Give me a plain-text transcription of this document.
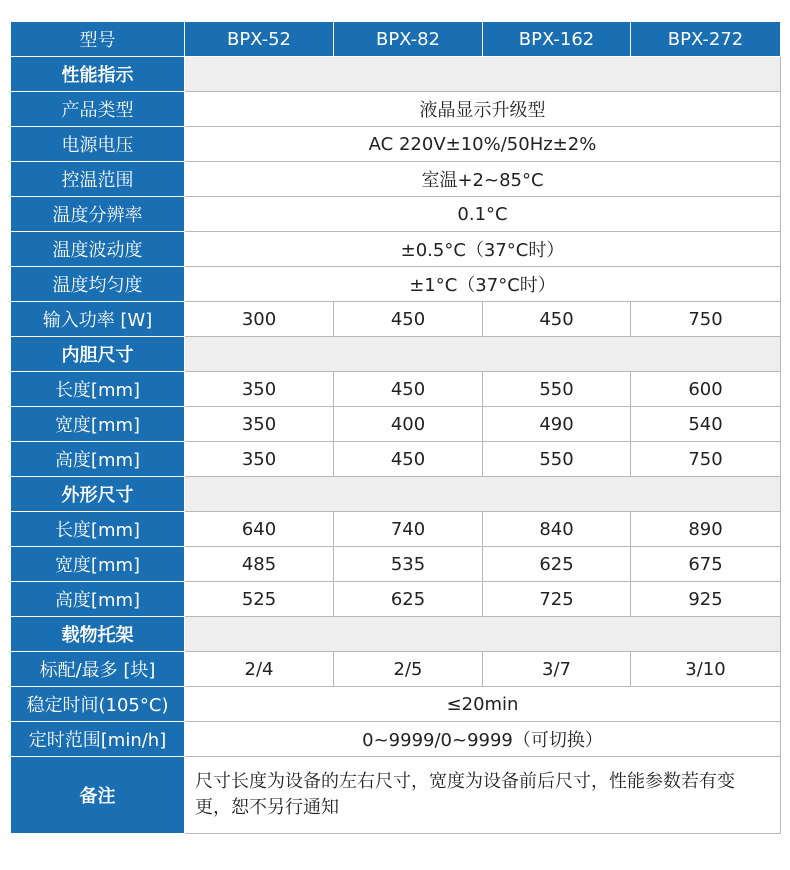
型号	BPX-52	BPX-82	BPX-162	BPX-272
性能指示				
产品类型	液晶显示升级型			
电源电压	AC 220V±10%/50Hz±2%			
控温范围	室温+2~85°C			
温度分辨率	0.1°C			
温度波动度	±0.5°C（37°C时）			
温度均匀度	±1°C（37°C时）			
输入功率 [W]	300	450	450	750
内胆尺寸				
长度[mm]	350	450	550	600
宽度[mm]	350	400	490	540
高度[mm]	350	450	550	750
外形尺寸				
长度[mm]	640	740	840	890
宽度[mm]	485	535	625	675
高度[mm]	525	625	725	925
载物托架				
标配/最多 [块]	2/4	2/5	3/7	3/10
稳定时间(105°C)	≤20min			
定时范围[min/h]	0~9999/0~9999（可切换）			
备注	尺寸长度为设备的左右尺寸，宽度为设备前后尺寸，性能参数若有变更，恕不另行通知			
